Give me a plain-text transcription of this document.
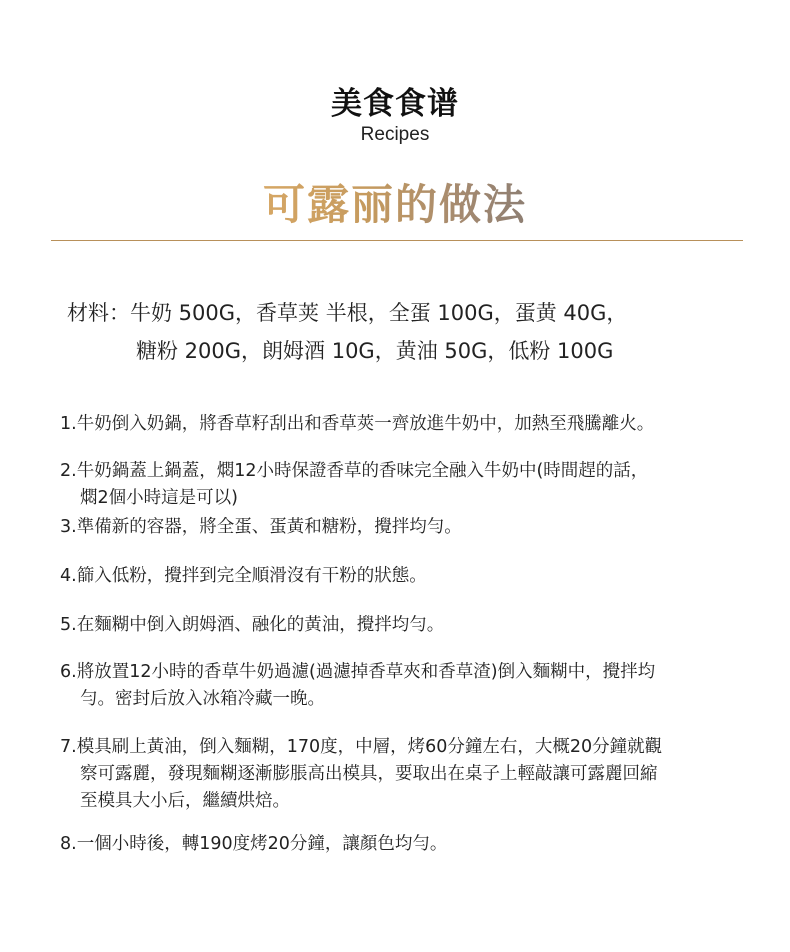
美食食谱
Recipes
可露丽的做法
材料：牛奶 500G，香草荚 半根，全蛋 100G，蛋黄 40G，
糖粉 200G，朗姆酒 10G，黄油 50G，低粉 100G
1.牛奶倒入奶鍋，將香草籽刮出和香草莢一齊放進牛奶中，加熱至飛騰離火。
2.牛奶鍋蓋上鍋蓋，燜12小時保證香草的香味完全融入牛奶中(時間趕的話，
燜2個小時這是可以)
3.準備新的容器，將全蛋、蛋黃和糖粉，攪拌均勻。
4.篩入低粉，攪拌到完全順滑沒有干粉的狀態。
5.在麵糊中倒入朗姆酒、融化的黃油，攪拌均勻。
6.將放置12小時的香草牛奶過濾(過濾掉香草夾和香草渣)倒入麵糊中，攪拌均
勻。密封后放入冰箱冷藏一晚。
7.模具刷上黃油，倒入麵糊，170度，中層，烤60分鐘左右，大概20分鐘就觀
察可露麗，發現麵糊逐漸膨脹高出模具，要取出在桌子上輕敲讓可露麗回縮
至模具大小后，繼續烘焙。
8.一個小時後，轉190度烤20分鐘，讓顏色均勻。
